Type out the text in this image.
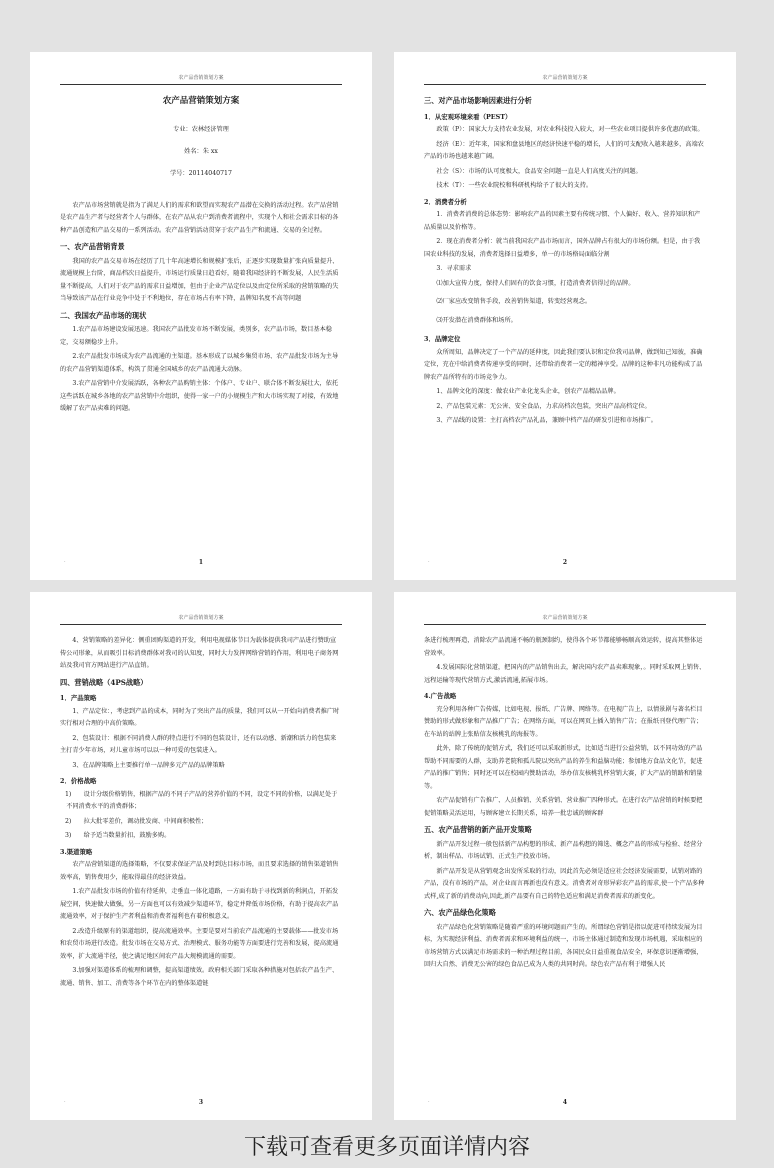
农产品营销策划方案
农产品营销策划方案
专业：农林经济管理
姓名：朱 xx
学号：20114040717

农产品市场营销就是指为了满足人们的需求和欲望而实现农产品潜在交换的活动过程。农产品营销是农产品生产者与经营者个人与群体，在农产品从农户到消费者流程中，实现个人和社会需求目标的各种产品创造和产品交易的一系列活动。农产品营销活动贯穿于农产品生产和流通、交易的全过程。

一、农产品营销背景

我国的农产品交易市场在经历了几十年高速增长和规模扩张后，正逐步实现数量扩张向质量提升、流通规模上台阶，商品档次日益提升，市场运行质量日趋看好，随着我国经济的不断发展，人民生活质量不断提高，人们对于农产品的需求日益增加，但由于企业产品定位以及由定位所采取的营销策略的失当导致该产品在行业竞争中处于不利地位，存在市场占有率下降，品牌知名度不高等问题

二、我国农产品市场的现状

1.农产品市场建设发展迅速。我国农产品批发市场不断发展，类别多，农产品市场，数目基本稳定，交易额稳步上升。

2.农产品批发市场成为农产品流通的主渠道。基本形成了以城乡集贸市场、农产品批发市场为主导的农产品营销渠道体系，构筑了贯通全国城乡的农产品流通大动脉。

3.农产品营销中介发展活跃，各种农产品购销主体：个体户、专业户、联合体不断发展壮大，依托这些活跃在城乡各地的农产品营销中介组织，使得一家一户的小规模生产和大市场实现了对接，有效地缓解了农产品卖难的问题。

.	1
农产品营销策划方案
三、对产品市场影响因素进行分析
1．从宏观环境来看（PEST）

政策（P）：国家大力支持农业发展，对农业科技投入较大，对一些农业项目提供许多优惠的政策。

经济（E）：近年来，国家和盘县地区的经济快速平稳的增长，人们的可支配收入越来越多，高端农产品的市场也越来越广阔。

社会（S）：市场的认可度极大，食品安全问题一直是人们高度关注的问题。

技术（T）：一些农业院校和科研机构给予了很大的支持。

2．消费者分析

1．消费者消费的总体态势：影响农产品的因素主要有传统习惯、个人偏好、收入、营养知识和产品质量以及价格等。

2．现在消费者分析：就当前我国农产品市场而言，国外品牌占有很大的市场份额。但是，由于我国农业科技的发展，消费者选择日益增多，单一的市场格局面临分割

3．寻求需求

⑴加大宣传力度，保持人们固有的饮食习惯，打造消费者信得过的品牌。

⑵厂家应改变销售手段，改善销售渠道，转变经营观念。

⑶开发潜在消费群体和场所。

3．品牌定位

众所周知，品牌决定了一个产品的延伸度，因此我们要认识和定位我司品牌，做到知己知彼，准确定位，充在中给消费者传递享受的同时，还带给消费者一定的精神享受。品牌的这种非凡功能构成了品牌农产品所特有的市场竞争力。

1、品牌文化的深度：做农业产业化龙头企业，创农产品精品品牌。

2、产品包装元素：无公害、安全食品，力求高档次包装，突出产品高档定位。

3、产品线的设置：主打高档农产品礼品，兼顾中档产品的研发引进和市场推广。

.	2
农产品营销策划方案

4、营销策略的差异化：侧重团购渠道的开发，利用电视媒体节目为载体提供我司产品进行赞助宣传公司形象，从而吸引目标消费群体对我司的认知度，同时大力发挥网络营销的作用，利用电子商务网站及我司官方网站进行产品直销。

四、营销战略（4PS战略）
1．产品策略

1、产品定位：，考虑到产品的成本，同时为了突出产品的质量，我们可以从一开始向消费者推广时实行相对合理的中高价策略。

2、包装设计：根据不同消费人群的特点进行不同的包装设计，还有以动感、新潮和活力的包装来主打青少年市场，对儿童市场可以以一种可爱的包装进入。

3、在品牌策略上主要推行单一品牌多元产品的品牌策略

2．价格战略

1)　　设计分级价格销售，根据产品的不同子产品的营养价值的不同，设定不同的价格，以满足处于不同消费水平的消费群体；

2)　　拉大批零差价，调动批发商、中间商积极性；

3)　　给予适当数量折扣，鼓励多购。

3.渠道策略

农产品营销渠道的选择策略，不仅要求保证产品及时到达目标市场，而且要求选择的销售渠道销售效率高，销售费用少，能取得最佳的经济效益。

1.农产品批发市场的价值有待延伸，走垂直一体化道路，一方面有助于寻找到新的利润点，开拓发展空间，快速做大做强，另一方面也可以有效减少渠道环节，稳定并降低市场价格，有助于提高农产品流通效率，对于保护生产者利益和消费者福利也有着积极意义。

2.改造升级原有的渠道组织，提高流通效率。主要是要对当前农产品流通的主要载体——批发市场和农贸市场进行改造。批发市场在交易方式、治理模式、服务功能等方面要进行完善和发展，提高流通效率，扩大流通半径，使之满足地区间农产品大规模流通的需要。

3.加强对渠道体系的梳理和调整，提高渠道绩效。政府相关部门采取各种措施对包括农产品生产、流通、销售、加工、消费等各个环节在内的整体渠道链

.	3
农产品营销策划方案

条进行梳理再造，消除农产品流通不畅的瓶颈制约，使得各个环节都能够畅顺高效运转，提高其整体运营效率。

4.发展国际化营销渠道，把国内的产品销售出去，解决国内农产品卖难现象，。同时采取网上销售、远程运输等现代营销方式,激活流通,拓展市场。

4.广告战略

充分利用各种广告传媒，比如电视、报纸、广告牌、网络等。在电视广告上，以情景剧与著名栏目赞助的形式做形象和产品推广广告；在网络方面，可以在网页上插入销售广告；在报纸刊登代理广告；在车站的站牌上张贴信友核桃乳的海报等。

此外，除了传统的促销方式，我们还可以采取新形式，比如适当进行公益营销，以不同功效的产品帮助不同需要的人群，支助养老院和孤儿院以突出产品的养生和益脑功能；参加地方食品文化节，促进产品的推广销售；同时还可以在校园内赞助活动，举办信友核桃乳杯营销大赛，扩大产品的销路和销量等。

农产品促销有广告推广、人员推销、关系营销、营业推广四种形式。在进行农产品营销的时候要把促销策略灵活运用，与顾客建立长期关系，培养一批忠诚的顾客群

五、农产品营销的新产品开发策略

新产品开发过程一般包括新产品构想的形成、新产品构想的筛选、概念产品的形成与检验、经营分析，制出样品、市场试销、正式生产投放市场。

新产品开发是从营销观念出发所采取的行动，因此首先必须是适应社会经济发展需要，试销对路的产品，没有市场的产品，对企业而言再新也没有意义。消费者对奇形异彩农产品的需求,使一个产品多种式样,成了新的消费动向,因此,新产品要有自己的特色适应和满足消费者需求的新变化。

六、农产品绿色化策略

农产品绿色化营销策略是随着严重的环境问题而产生的。所谓绿色营销是指以促进可持续发展为目标，为实现经济利益、消费者需求和环境利益的统一，市场主体通过制造和发现市场机遇，采取相应的市场营销方式以满足市场需求的一种治理过程目前，各国民众日益重视食品安全，环保意识逐渐增强，回归大自然、消费无公害的绿色食品已成为人类的共同时尚。绿色农产品有利于增强人民

.	4
下载可查看更多页面详情内容
